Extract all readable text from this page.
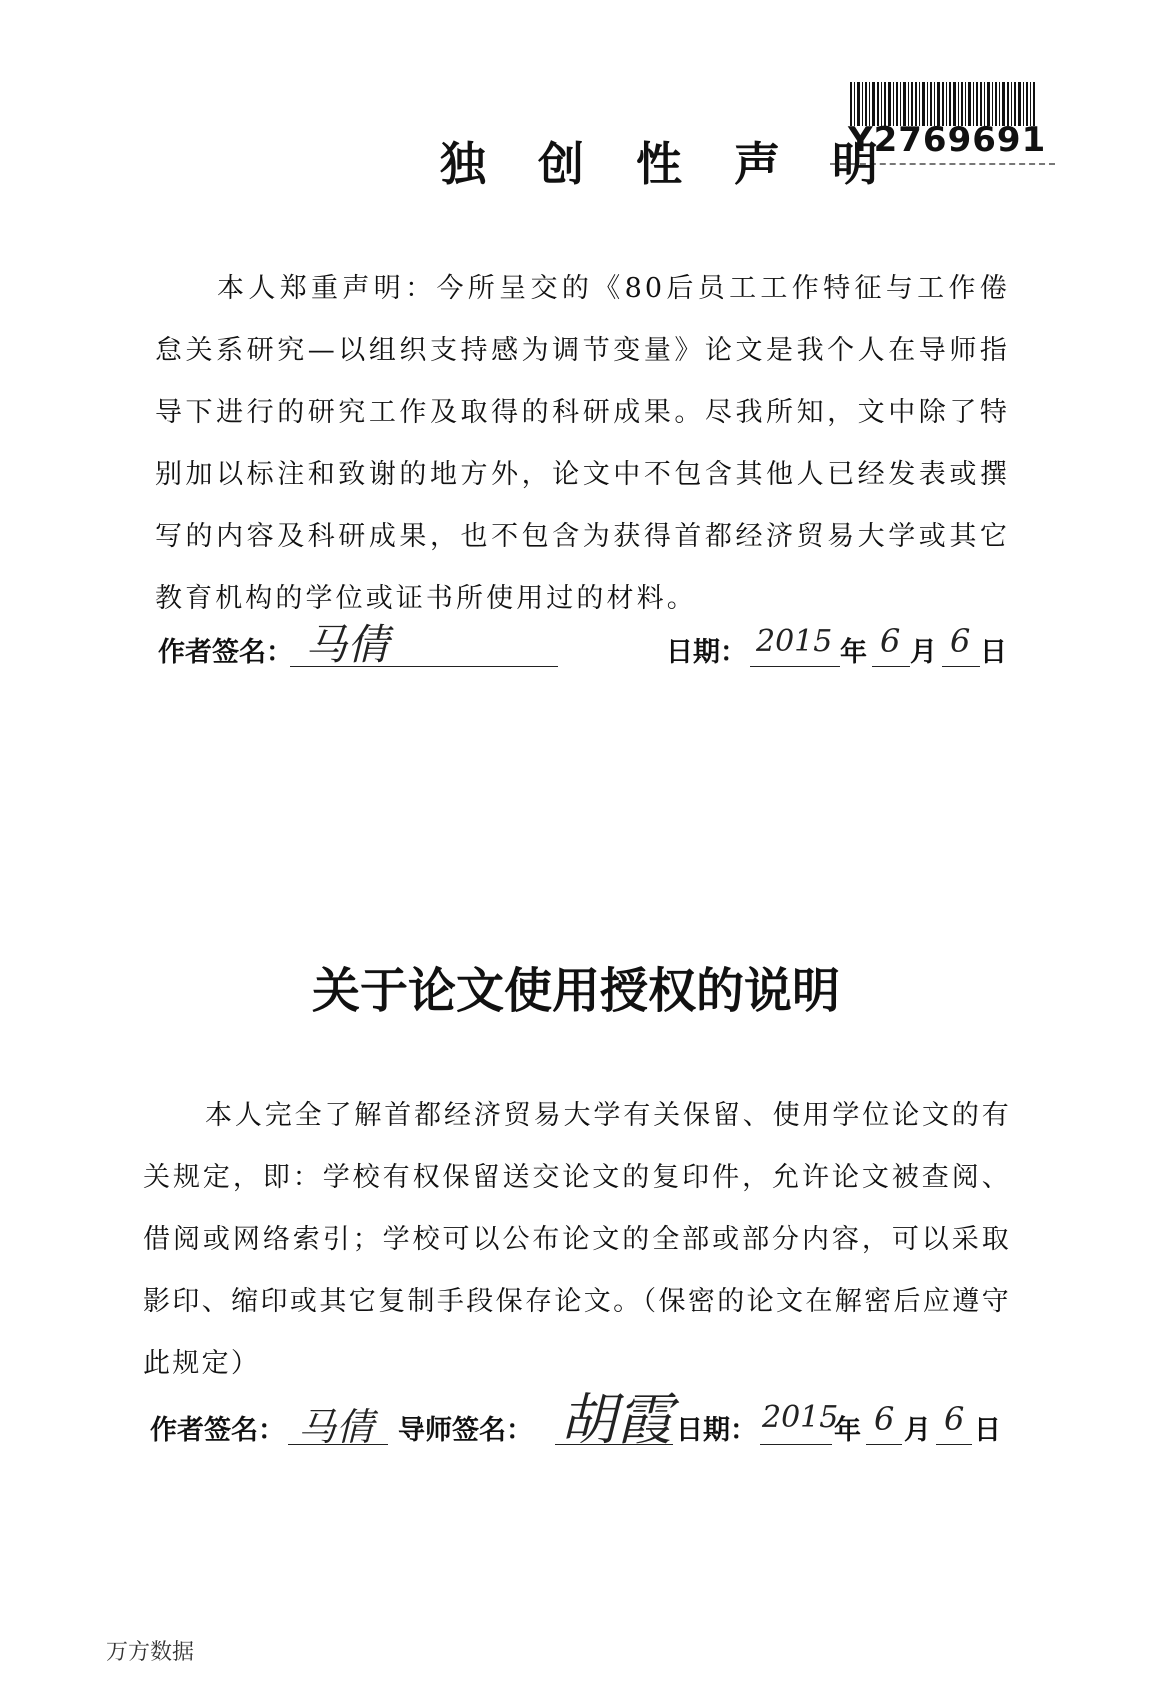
Y2769691
独 创 性 声 明

本人郑重声明：今所呈交的《80后员工工作特征与工作倦怠关系研究—以组织支持感为调节变量》论文是我个人在导师指导下进行的研究工作及取得的科研成果。尽我所知，文中除了特别加以标注和致谢的地方外，论文中不包含其他人已经发表或撰写的内容及科研成果，也不包含为获得首都经济贸易大学或其它教育机构的学位或证书所使用过的材料。

作者签名： 马倩	日期： 2015 年 6 月 6 日
关于论文使用授权的说明

本人完全了解首都经济贸易大学有关保留、使用学位论文的有关规定，即：学校有权保留送交论文的复印件，允许论文被查阅、借阅或网络索引；学校可以公布论文的全部或部分内容，可以采取影印、缩印或其它复制手段保存论文。（保密的论文在解密后应遵守此规定）

作者签名： 马倩 导师签名： 胡霞 日期： 2015
年 6 月 6 日
万方数据
